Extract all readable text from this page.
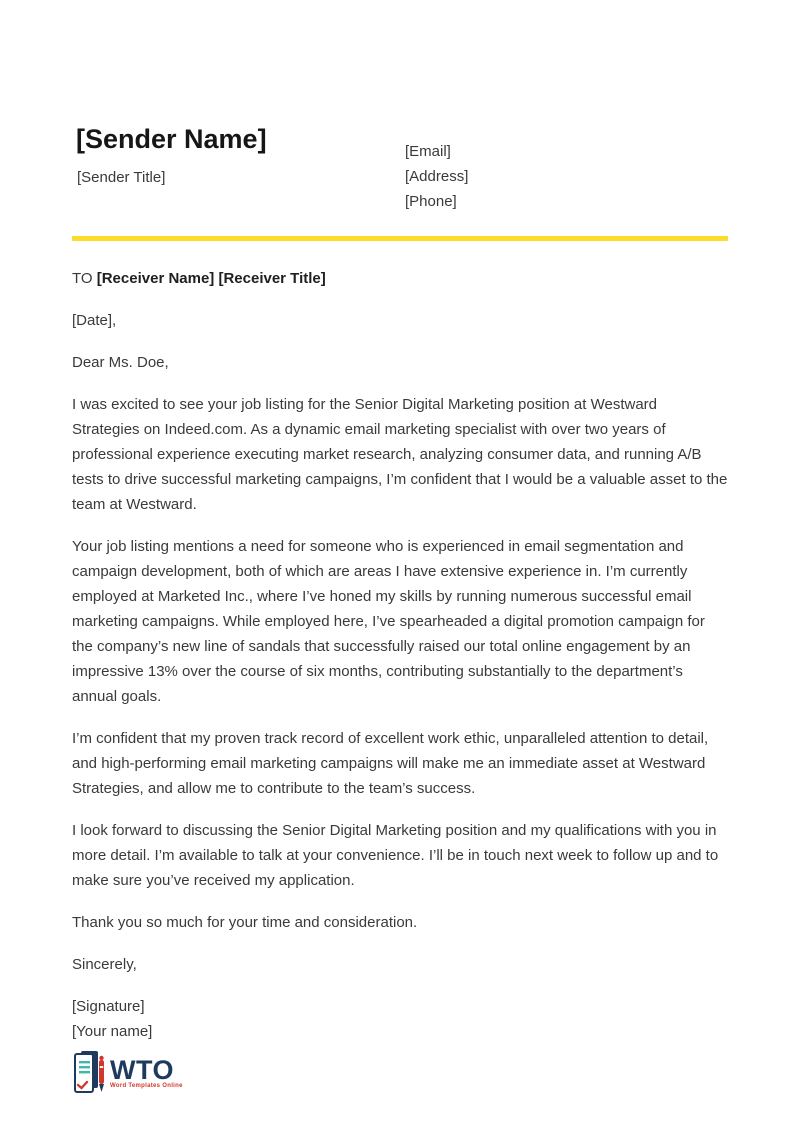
[Sender Name]
[Sender Title]
[Email]
[Address]
[Phone]

TO [Receiver Name] [Receiver Title]

[Date],

Dear Ms. Doe,

I was excited to see your job listing for the Senior Digital Marketing position at Westward Strategies on Indeed.com. As a dynamic email marketing specialist with over two years of professional experience executing market research, analyzing consumer data, and running A/B tests to drive successful marketing campaigns, I’m confident that I would be a valuable asset to the team at Westward.

Your job listing mentions a need for someone who is experienced in email segmentation and campaign development, both of which are areas I have extensive experience in. I’m currently employed at Marketed Inc., where I’ve honed my skills by running numerous successful email marketing campaigns. While employed here, I’ve spearheaded a digital promotion campaign for the company’s new line of sandals that successfully raised our total online engagement by an impressive 13% over the course of six months, contributing substantially to the department’s annual goals.

I’m confident that my proven track record of excellent work ethic, unparalleled attention to detail, and high-performing email marketing campaigns will make me an immediate asset at Westward Strategies, and allow me to contribute to the team’s success.

I look forward to discussing the Senior Digital Marketing position and my qualifications with you in more detail. I’m available to talk at your convenience. I’ll be in touch next week to follow up and to make sure you’ve received my application.

Thank you so much for your time and consideration.

Sincerely,

[Signature]

[Your name]

WTO
Word Templates Online
